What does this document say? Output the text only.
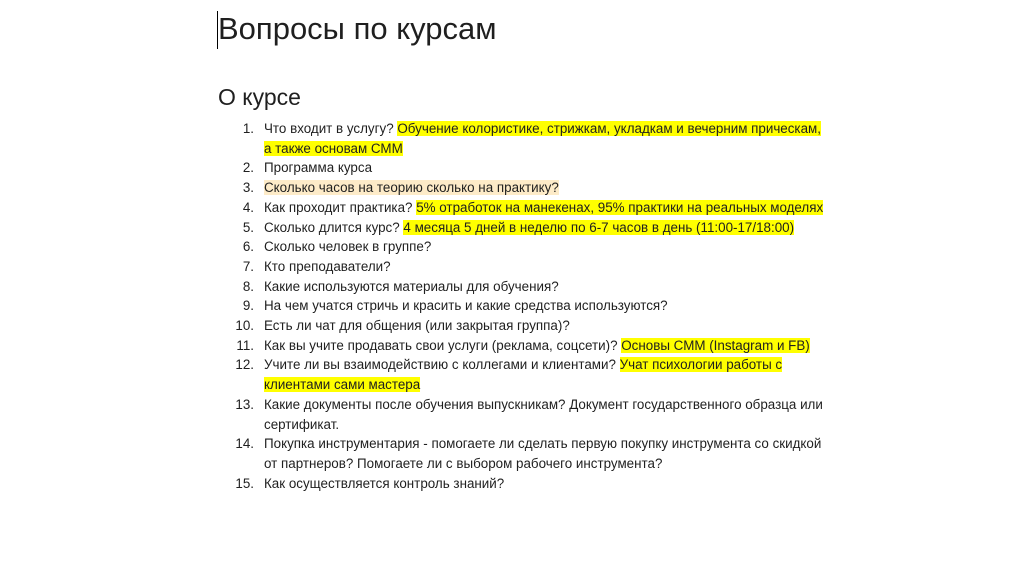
Вопросы по курсам
О курсе
1. Что входит в услугу? Обучение колористике, стрижкам, укладкам и вечерним прическам, а также основам СММ
2. Программа курса
3. Сколько часов на теорию сколько на практику?
4. Как проходит практика? 5% отработок на манекенах, 95% практики на реальных моделях
5. Сколько длится курс? 4 месяца 5 дней в неделю по 6-7 часов в день (11:00-17/18:00)
6. Сколько человек в группе?
7. Кто преподаватели?
8. Какие используются материалы для обучения?
9. На чем учатся стричь и красить и какие средства используются?
10. Есть ли чат для общения (или закрытая группа)?
11. Как вы учите продавать свои услуги (реклама, соцсети)? Основы СММ (Instagram и FB)
12. Учите ли вы взаимодействию с коллегами и клиентами? Учат психологии работы с клиентами сами мастера
13. Какие документы после обучения выпускникам? Документ государственного образца или сертификат.
14. Покупка инструментария - помогаете ли сделать первую покупку инструмента со скидкой от партнеров? Помогаете ли с выбором рабочего инструмента?
15. Как осуществляется контроль знаний?
